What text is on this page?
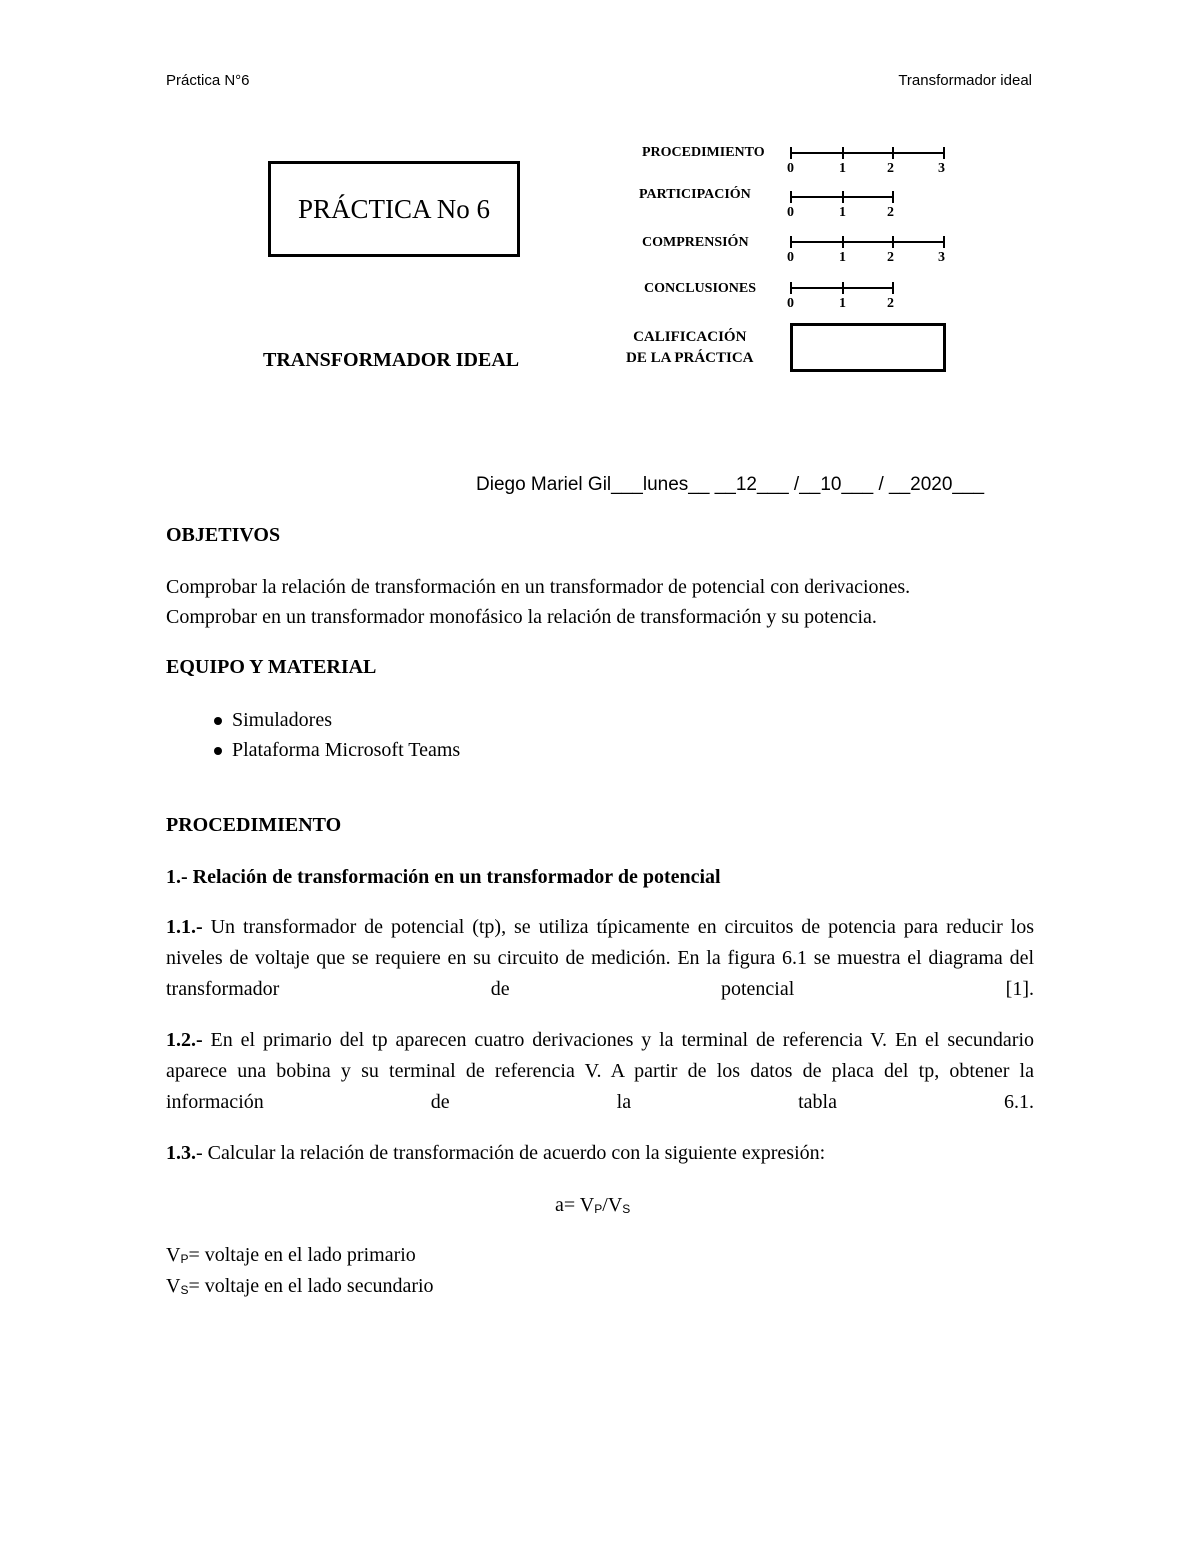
Práctica N°6	Transformador ideal
PRÁCTICA No 6
TRANSFORMADOR IDEAL
PROCEDIMIENTO
0	1	2	3
PARTICIPACIÓN
0	1	2
COMPRENSIÓN
0	1	2	3
CONCLUSIONES
0	1	2
CALIFICACIÓN
DE LA PRÁCTICA
Diego Mariel Gil___lunes__ __12___ /__10___ / __2020___
OBJETIVOS
Comprobar la relación de transformación en un transformador de potencial con derivaciones.
Comprobar en un transformador monofásico la relación de transformación y su potencia.
EQUIPO Y MATERIAL
Simuladores
Plataforma Microsoft Teams
PROCEDIMIENTO
1.- Relación de transformación en un transformador de potencial
1.1.- Un transformador de potencial (tp), se utiliza típicamente en circuitos de potencia para reducir los niveles de voltaje que se requiere en su circuito de medición. En la figura 6.1 se muestra el diagrama del transformador de potencial [1].
1.2.- En el primario del tp aparecen cuatro derivaciones y la terminal de referencia V. En el secundario aparece una bobina y su terminal de referencia V. A partir de los datos de placa del tp, obtener la información de la tabla 6.1.
1.3.- Calcular la relación de transformación de acuerdo con la siguiente expresión:
$a= V_P/V_S$
$V_P=$ voltaje en el lado primario
$V_S=$ voltaje en el lado secundario
